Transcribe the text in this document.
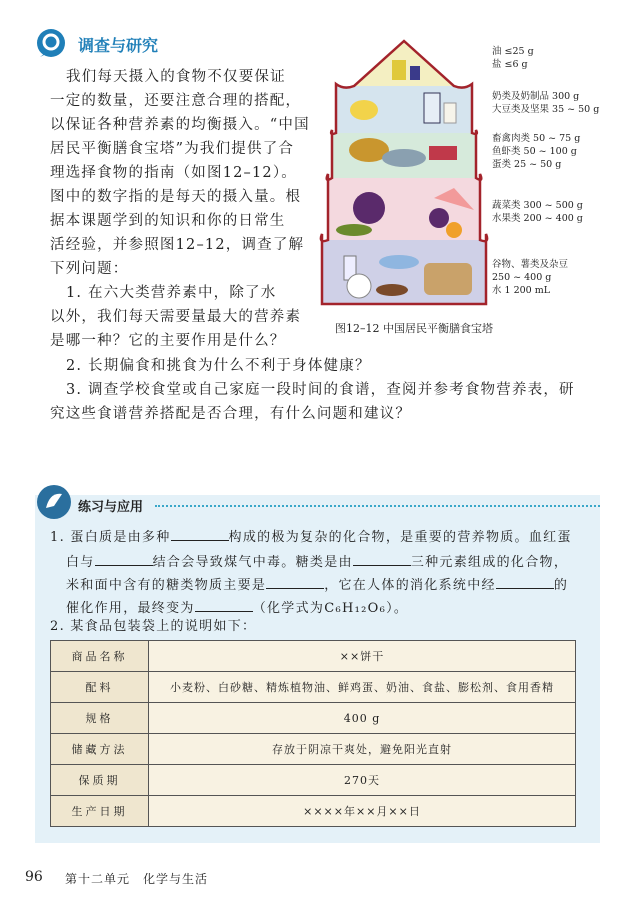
调查与研究
我们每天摄入的食物不仅要保证
一定的数量，还要注意合理的搭配，
以保证各种营养素的均衡摄入。“中国
居民平衡膳食宝塔”为我们提供了合
理选择食物的指南（如图12–12）。
图中的数字指的是每天的摄入量。根
据本课题学到的知识和你的日常生
活经验，并参照图12–12，调查了解
下列问题：
1. 在六大类营养素中，除了水
以外，我们每天需要量最大的营养素
是哪一种？它的主要作用是什么？
2. 长期偏食和挑食为什么不利于身体健康？
3. 调查学校食堂或自己家庭一段时间的食谱，查阅并参考食物营养表，研
究这些食谱营养搭配是否合理，有什么问题和建议？
油 ≤25 g
盐 ≤6 g
奶类及奶制品 300 g
大豆类及坚果 35 ~ 50 g
畜禽肉类 50 ~ 75 g
鱼虾类 50 ~ 100 g
蛋类 25 ~ 50 g
蔬菜类 300 ~ 500 g
水果类 200 ~ 400 g
谷物、薯类及杂豆
250 ~ 400 g
水 1 200 mL
图12–12 中国居民平衡膳食宝塔
练习与应用
1. 蛋白质是由多种	构成的极为复杂的化合物，是重要的营养物质。血红蛋
白与	结合会导致煤气中毒。糖类是由	三种元素组成的化合物，
米和面中含有的糖类物质主要是	，它在人体的消化系统中经	的
催化作用，最终变为	（化学式为C₆H₁₂O₆）。
2. 某食品包装袋上的说明如下：
商品名称	××饼干
配料	小麦粉、白砂糖、精炼植物油、鲜鸡蛋、奶油、食盐、膨松剂、食用香精
规格	400 g
储藏方法	存放于阴凉干爽处，避免阳光直射
保质期	270天
生产日期	××××年××月××日
96 第十二单元　化学与生活
